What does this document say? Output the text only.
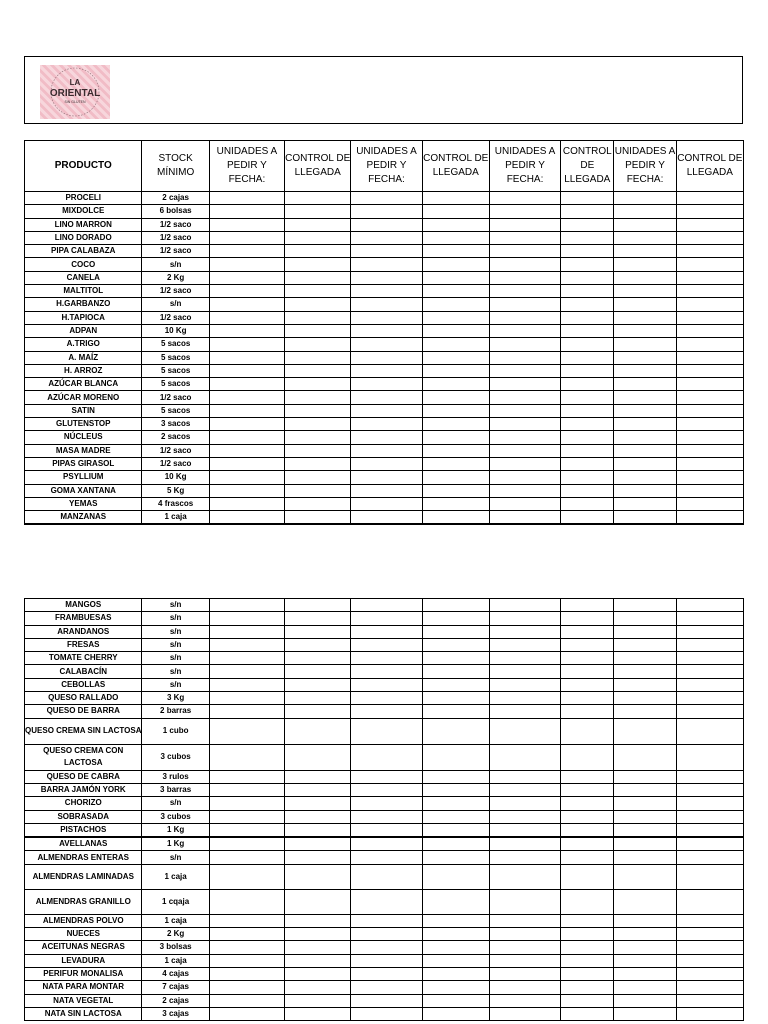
LA
ORIENTAL
SIN GLUTEN
PRODUCTO	STOCK MÍNIMO	UNIDADES A PEDIR Y FECHA:	CONTROL DE LLEGADA	UNIDADES A PEDIR Y FECHA:	CONTROL DE LLEGADA	UNIDADES A PEDIR Y FECHA:	CONTROL DE LLEGADA	UNIDADES A PEDIR Y FECHA:	CONTROL DE LLEGADA
PROCELI	2 cajas								
MIXDOLCE	6 bolsas								
LINO MARRON	1/2 saco								
LINO DORADO	1/2 saco								
PIPA CALABAZA	1/2 saco								
COCO	s/n								
CANELA	2 Kg								
MALTITOL	1/2 saco								
H.GARBANZO	s/n								
H.TAPIOCA	1/2 saco								
ADPAN	10 Kg								
A.TRIGO	5 sacos								
A. MAÍZ	5 sacos								
H. ARROZ	5 sacos								
AZÚCAR BLANCA	5 sacos								
AZÚCAR MORENO	1/2 saco								
SATIN	5 sacos								
GLUTENSTOP	3 sacos								
NÚCLEUS	2 sacos								
MASA MADRE	1/2 saco								
PIPAS GIRASOL	1/2 saco								
PSYLLIUM	10 Kg								
GOMA XANTANA	5 Kg								
YEMAS	4 frascos								
MANZANAS	1 caja								
MANGOS	s/n								
FRAMBUESAS	s/n								
ARANDANOS	s/n								
FRESAS	s/n								
TOMATE CHERRY	s/n								
CALABACÍN	s/n								
CEBOLLAS	s/n								
QUESO RALLADO	3 Kg								
QUESO DE BARRA	2 barras								
QUESO CREMA SIN LACTOSA	1 cubo								
QUESO CREMA CON LACTOSA	3 cubos								
QUESO DE CABRA	3 rulos								
BARRA JAMÓN YORK	3 barras								
CHORIZO	s/n								
SOBRASADA	3 cubos								
PISTACHOS	1 Kg								
AVELLANAS	1 Kg								
ALMENDRAS ENTERAS	s/n								
ALMENDRAS LAMINADAS	1 caja								
ALMENDRAS GRANILLO	1 cqaja								
ALMENDRAS POLVO	1 caja								
NUECES	2 Kg								
ACEITUNAS NEGRAS	3 bolsas								
LEVADURA	1 caja								
PERIFUR MONALISA	4 cajas								
NATA PARA MONTAR	7 cajas								
NATA VEGETAL	2 cajas								
NATA SIN LACTOSA	3 cajas								
